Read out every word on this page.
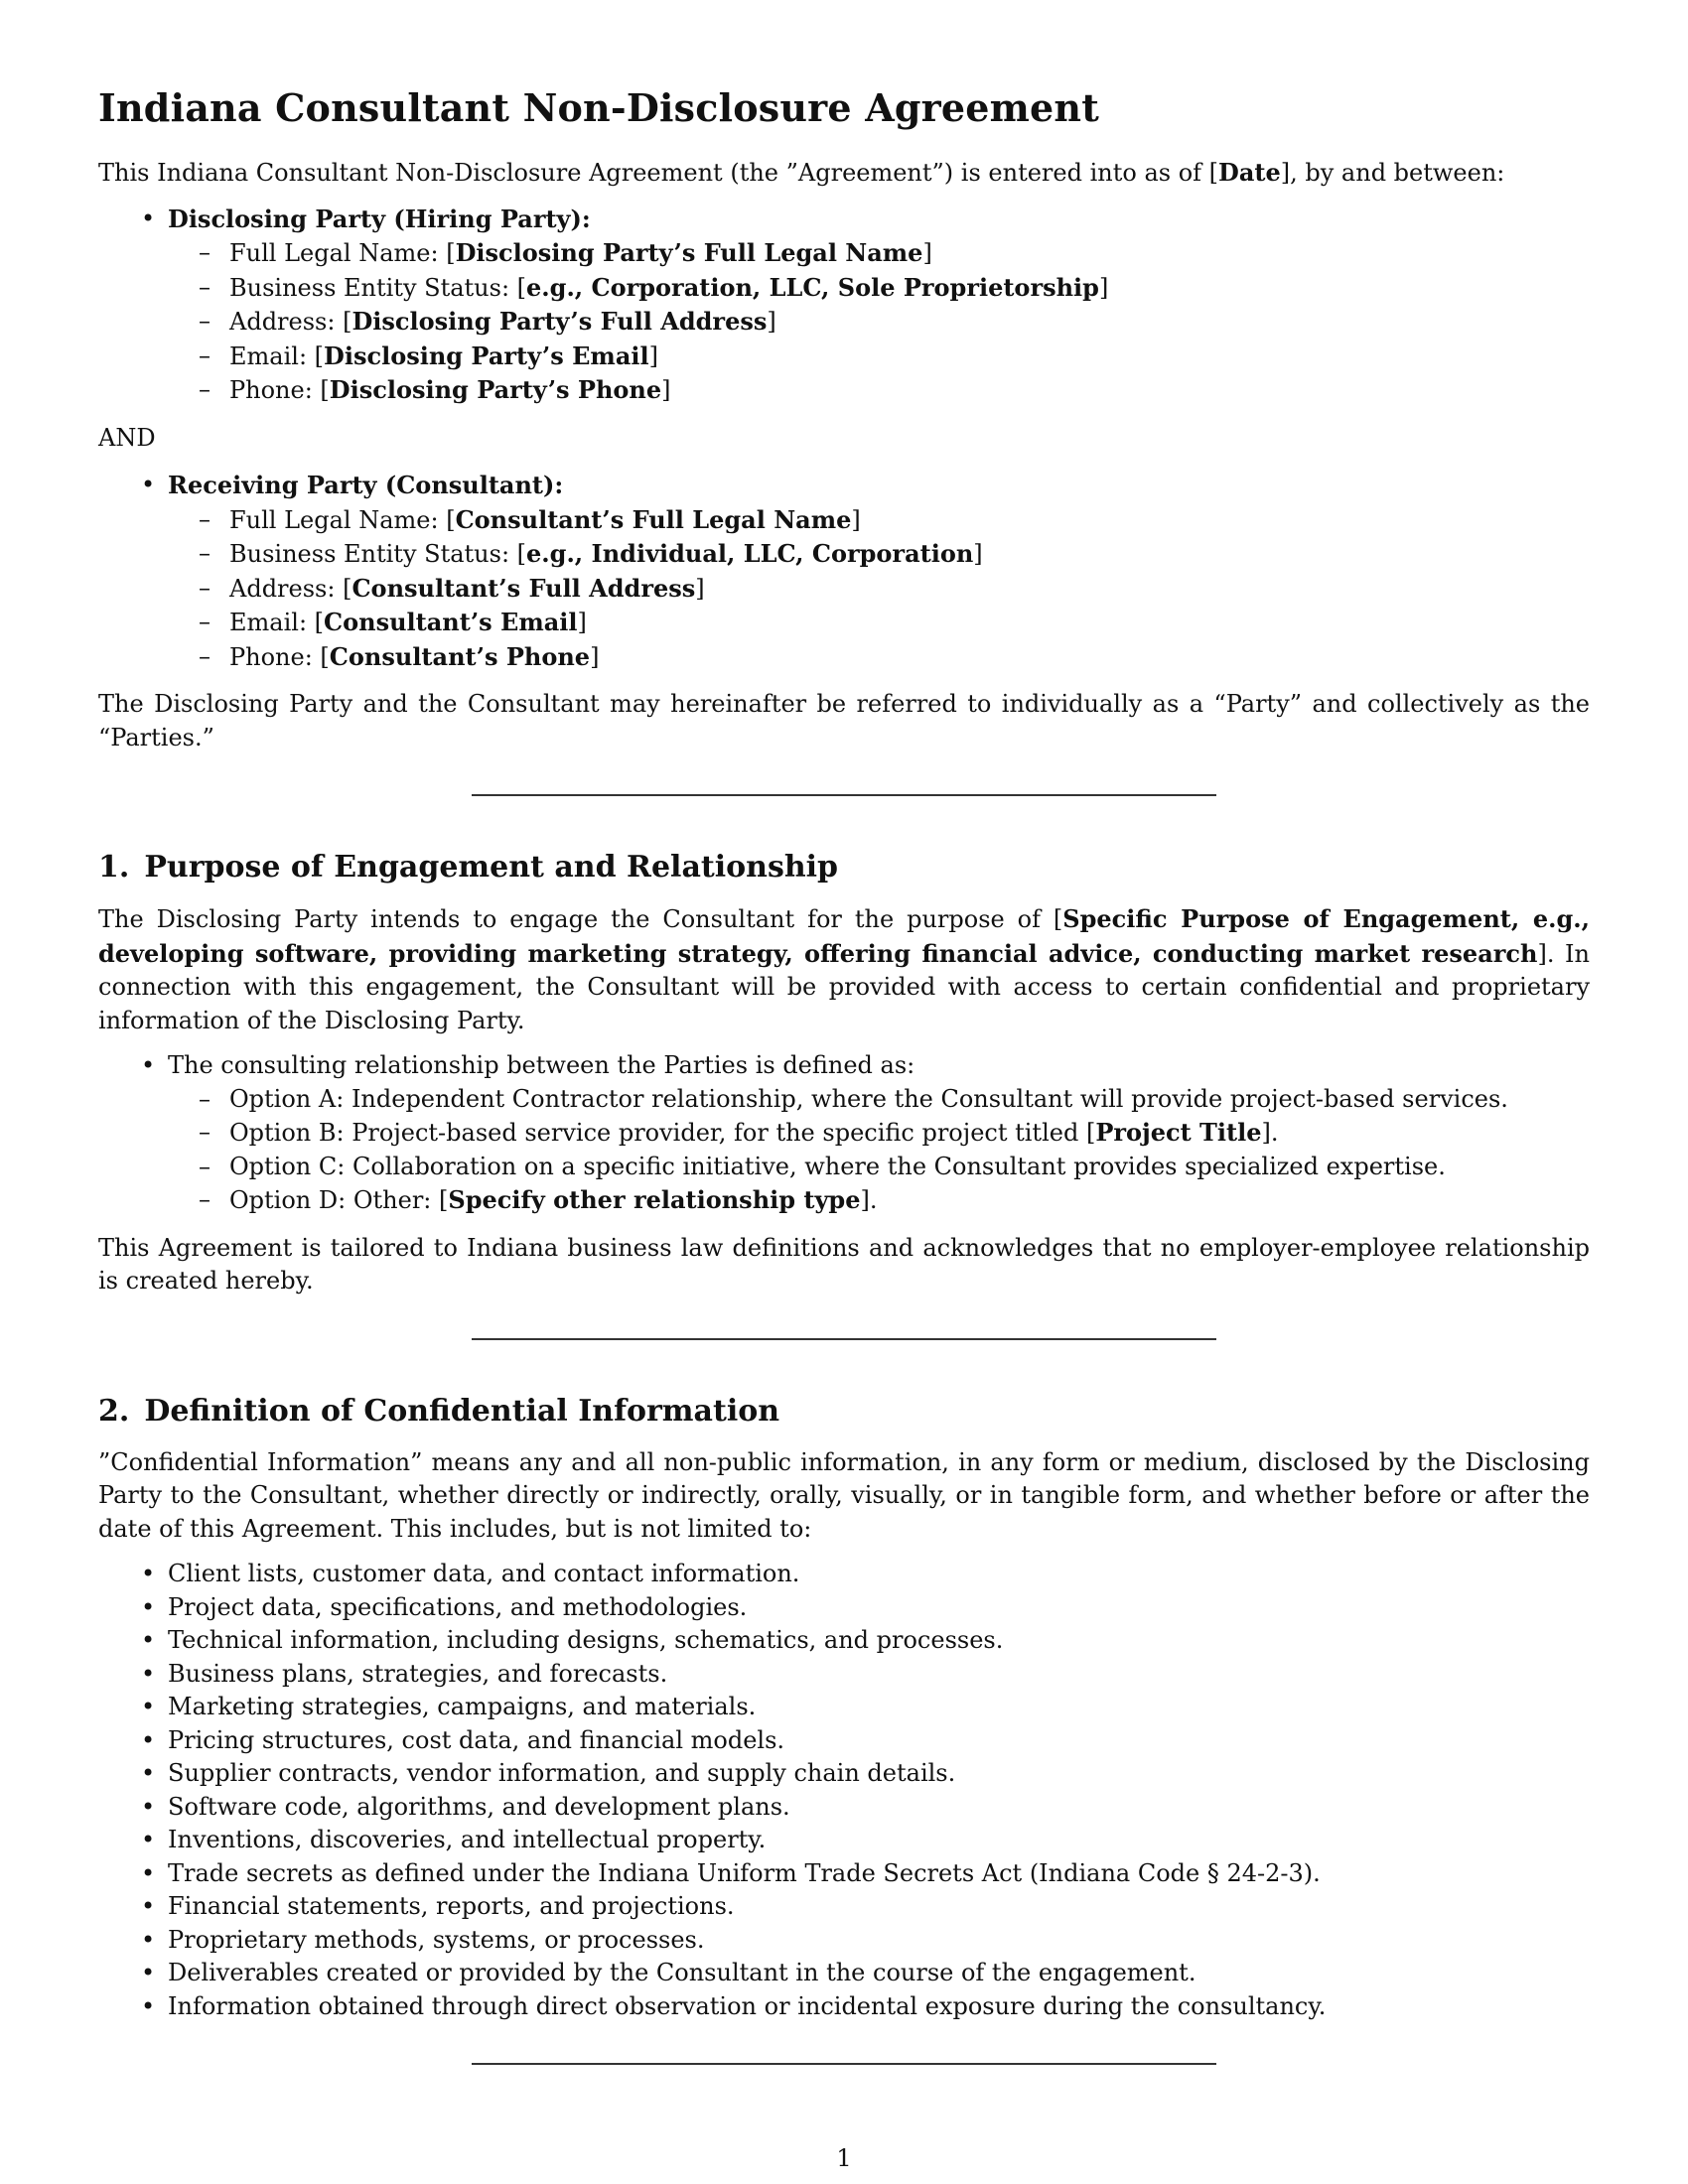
Indiana Consultant Non-Disclosure Agreement

This Indiana Consultant Non-Disclosure Agreement (the ”Agreement”) is entered into as of [Date], by and between:

• Disclosing Party (Hiring Party):
– Full Legal Name: [Disclosing Party’s Full Legal Name]
– Business Entity Status: [e.g., Corporation, LLC, Sole Proprietorship]
– Address: [Disclosing Party’s Full Address]
– Email: [Disclosing Party’s Email]
– Phone: [Disclosing Party’s Phone]

AND

• Receiving Party (Consultant):
– Full Legal Name: [Consultant’s Full Legal Name]
– Business Entity Status: [e.g., Individual, LLC, Corporation]
– Address: [Consultant’s Full Address]
– Email: [Consultant’s Email]
– Phone: [Consultant’s Phone]

The Disclosing Party and the Consultant may hereinafter be referred to individually as a “Party” and collectively as the “Parties.”

1. Purpose of Engagement and Relationship

The Disclosing Party intends to engage the Consultant for the purpose of [Specific Purpose of Engagement, e.g., developing software, providing marketing strategy, offering financial advice, conducting market research]. In connection with this engagement, the Consultant will be provided with access to certain confidential and proprietary information of the Disclosing Party.

• The consulting relationship between the Parties is defined as:
– Option A: Independent Contractor relationship, where the Consultant will provide project-based services.
– Option B: Project-based service provider, for the specific project titled [Project Title].
– Option C: Collaboration on a specific initiative, where the Consultant provides specialized expertise.
– Option D: Other: [Specify other relationship type].

This Agreement is tailored to Indiana business law definitions and acknowledges that no employer-employee relationship is created hereby.

2. Definition of Confidential Information

”Confidential Information” means any and all non-public information, in any form or medium, disclosed by the Disclosing Party to the Consultant, whether directly or indirectly, orally, visually, or in tangible form, and whether before or after the date of this Agreement. This includes, but is not limited to:

• Client lists, customer data, and contact information.
• Project data, specifications, and methodologies.
• Technical information, including designs, schematics, and processes.
• Business plans, strategies, and forecasts.
• Marketing strategies, campaigns, and materials.
• Pricing structures, cost data, and financial models.
• Supplier contracts, vendor information, and supply chain details.
• Software code, algorithms, and development plans.
• Inventions, discoveries, and intellectual property.
• Trade secrets as defined under the Indiana Uniform Trade Secrets Act (Indiana Code § 24-2-3).
• Financial statements, reports, and projections.
• Proprietary methods, systems, or processes.
• Deliverables created or provided by the Consultant in the course of the engagement.
• Information obtained through direct observation or incidental exposure during the consultancy.
1
